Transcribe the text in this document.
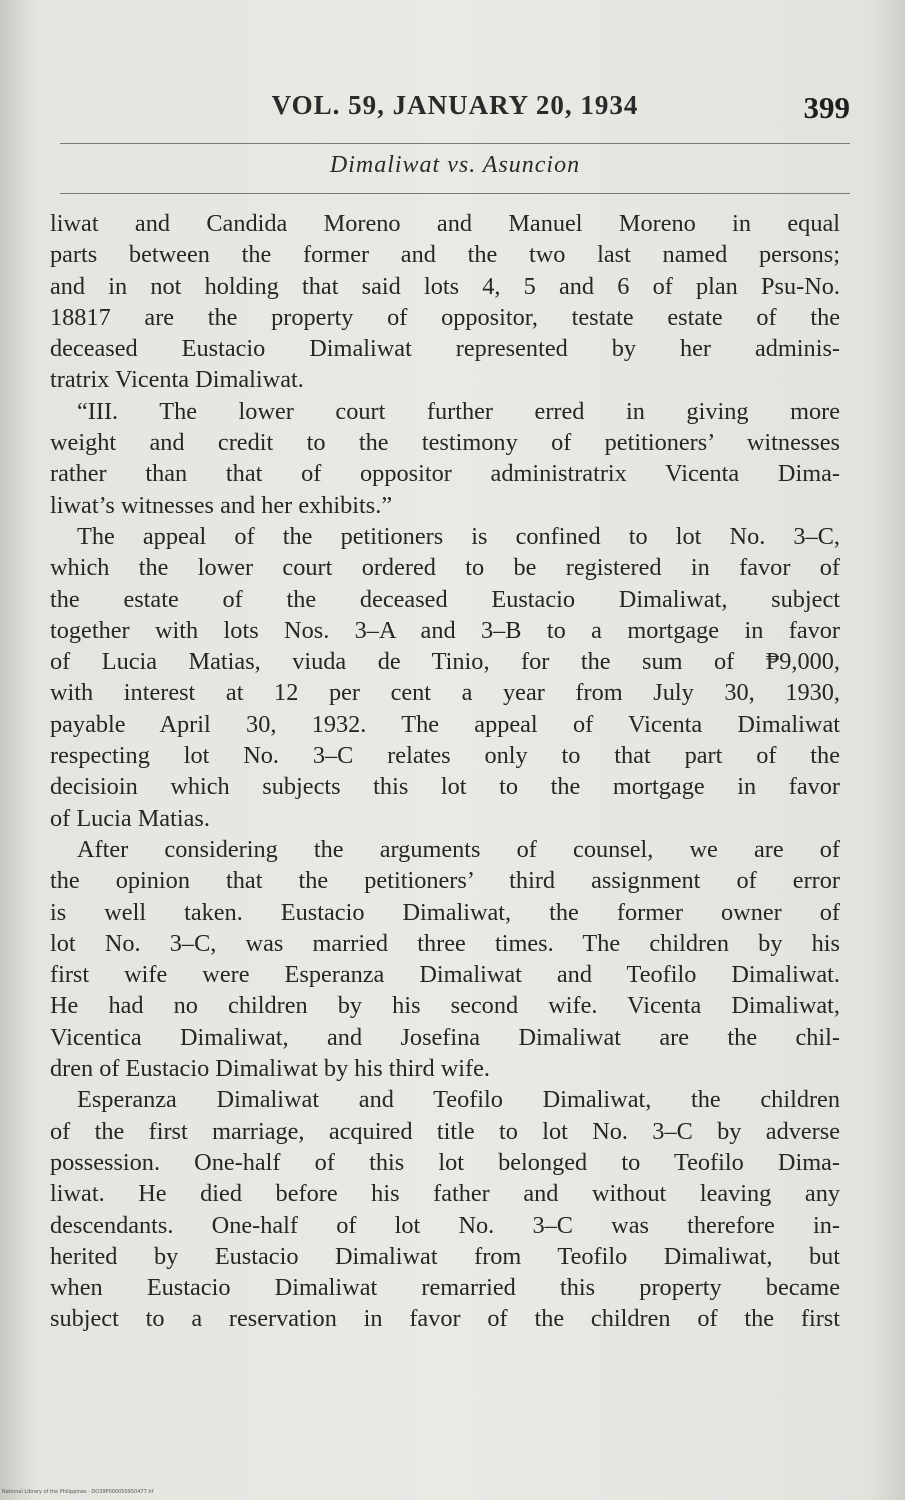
VOL. 59, JANUARY 20, 1934	399
Dimaliwat vs. Asuncion
liwat and Candida Moreno and Manuel Moreno in equal
parts between the former and the two last named persons;
and in not holding that said lots 4, 5 and 6 of plan Psu-No.
18817 are the property of oppositor, testate estate of the
deceased Eustacio Dimaliwat represented by her adminis-
tratrix Vicenta Dimaliwat.
“III. The lower court further erred in giving more
weight and credit to the testimony of petitioners’ witnesses
rather than that of oppositor administratrix Vicenta Dima-
liwat’s witnesses and her exhibits.”
The appeal of the petitioners is confined to lot No. 3–C,
which the lower court ordered to be registered in favor of
the estate of the deceased Eustacio Dimaliwat, subject
together with lots Nos. 3–A and 3–B to a mortgage in favor
of Lucia Matias, viuda de Tinio, for the sum of ₱9,000,
with interest at 12 per cent a year from July 30, 1930,
payable April 30, 1932. The appeal of Vicenta Dimaliwat
respecting lot No. 3–C relates only to that part of the
decisioin which subjects this lot to the mortgage in favor
of Lucia Matias.
After considering the arguments of counsel, we are of
the opinion that the petitioners’ third assignment of error
is well taken. Eustacio Dimaliwat, the former owner of
lot No. 3–C, was married three times. The children by his
first wife were Esperanza Dimaliwat and Teofilo Dimaliwat.
He had no children by his second wife. Vicenta Dimaliwat,
Vicentica Dimaliwat, and Josefina Dimaliwat are the chil-
dren of Eustacio Dimaliwat by his third wife.
Esperanza Dimaliwat and Teofilo Dimaliwat, the children
of the first marriage, acquired title to lot No. 3–C by adverse
possession. One-half of this lot belonged to Teofilo Dima-
liwat. He died before his father and without leaving any
descendants. One-half of lot No. 3–C was therefore in-
herited by Eustacio Dimaliwat from Teofilo Dimaliwat, but
when Eustacio Dimaliwat remarried this property became
subject to a reservation in favor of the children of the first
National Library of the Philippines · DO39P000050950477.tif
